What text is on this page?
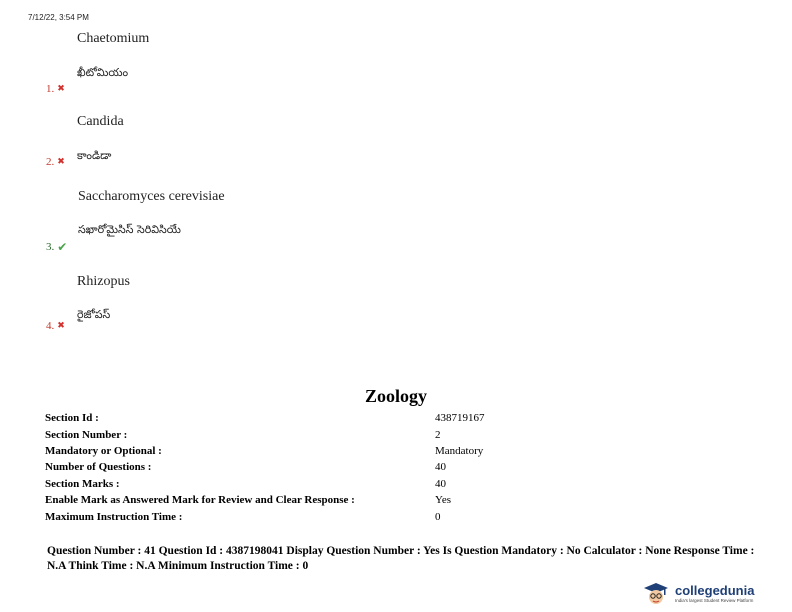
7/12/22, 3:54 PM
Chaetomium
ఖీటోమియం
1. ✖
Candida
కాండిడా
2. ✖
Saccharomyces cerevisiae
సఖారోమైసిస్ సెరివిసియే
3. ✔
Rhizopus
రైజోపస్
4. ✖
Zoology
Section Id :	438719167
Section Number :	2
Mandatory or Optional :	Mandatory
Number of Questions :	40
Section Marks :	40
Enable Mark as Answered Mark for Review and Clear Response :	Yes
Maximum Instruction Time :	0
Question Number : 41 Question Id : 4387198041 Display Question Number : Yes Is Question Mandatory : No Calculator : None Response Time : N.A Think Time : N.A Minimum Instruction Time : 0
collegedunia
India's largest Student Review Platform
